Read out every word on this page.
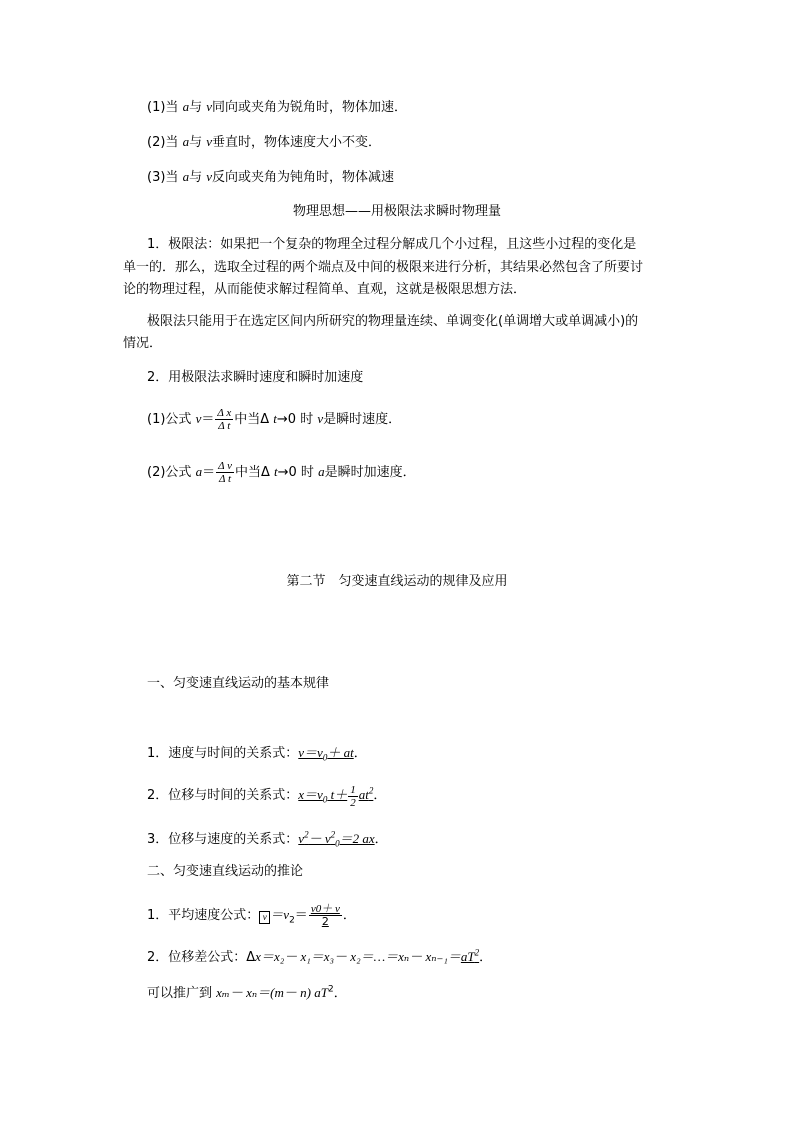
(1)当 a与 v同向或夹角为锐角时，物体加速．
(2)当 a与 v垂直时，物体速度大小不变．
(3)当 a与 v反向或夹角为钝角时，物体减速
物理思想——用极限法求瞬时物理量
1．极限法：如果把一个复杂的物理全过程分解成几个小过程，且这些小过程的变化是
单一的．那么，选取全过程的两个端点及中间的极限来进行分析，其结果必然包含了所要讨
论的物理过程，从而能使求解过程简单、直观，这就是极限思想方法．
极限法只能用于在选定区间内所研究的物理量连续、单调变化(单调增大或单调减小)的
情况．
2．用极限法求瞬时速度和瞬时加速度
(1)公式 $v= \frac{\text{Δ x}}{\text{Δ t}}$ 中当Δ t→0 时 v是瞬时速度．
(2)公式 $a= \frac{\text{Δ v}}{\text{Δ t}}$ 中当Δ t→0 时 a是瞬时加速度．
第二节　匀变速直线运动的规律及应用
一、匀变速直线运动的基本规律
1．速度与时间的关系式：$v=v_0+$ at．
2．位移与时间的关系式：$x=v_0$ $t+ \frac{1}{2} at^2$．
3．位移与速度的关系式：$v^2- v^2_0=2$ ax．
二、匀变速直线运动的推论
1．平均速度公式： $v =v_2= \frac{v0+ v}{2}$ ．
2．位移差公式：Δx＝x₂－ x₁＝x₃－ x₂＝…＝xₙ－ $x_{n-1}=aT^2$．
可以推广到 xₘ－ xₙ＝(m－ n) $aT^2$．
